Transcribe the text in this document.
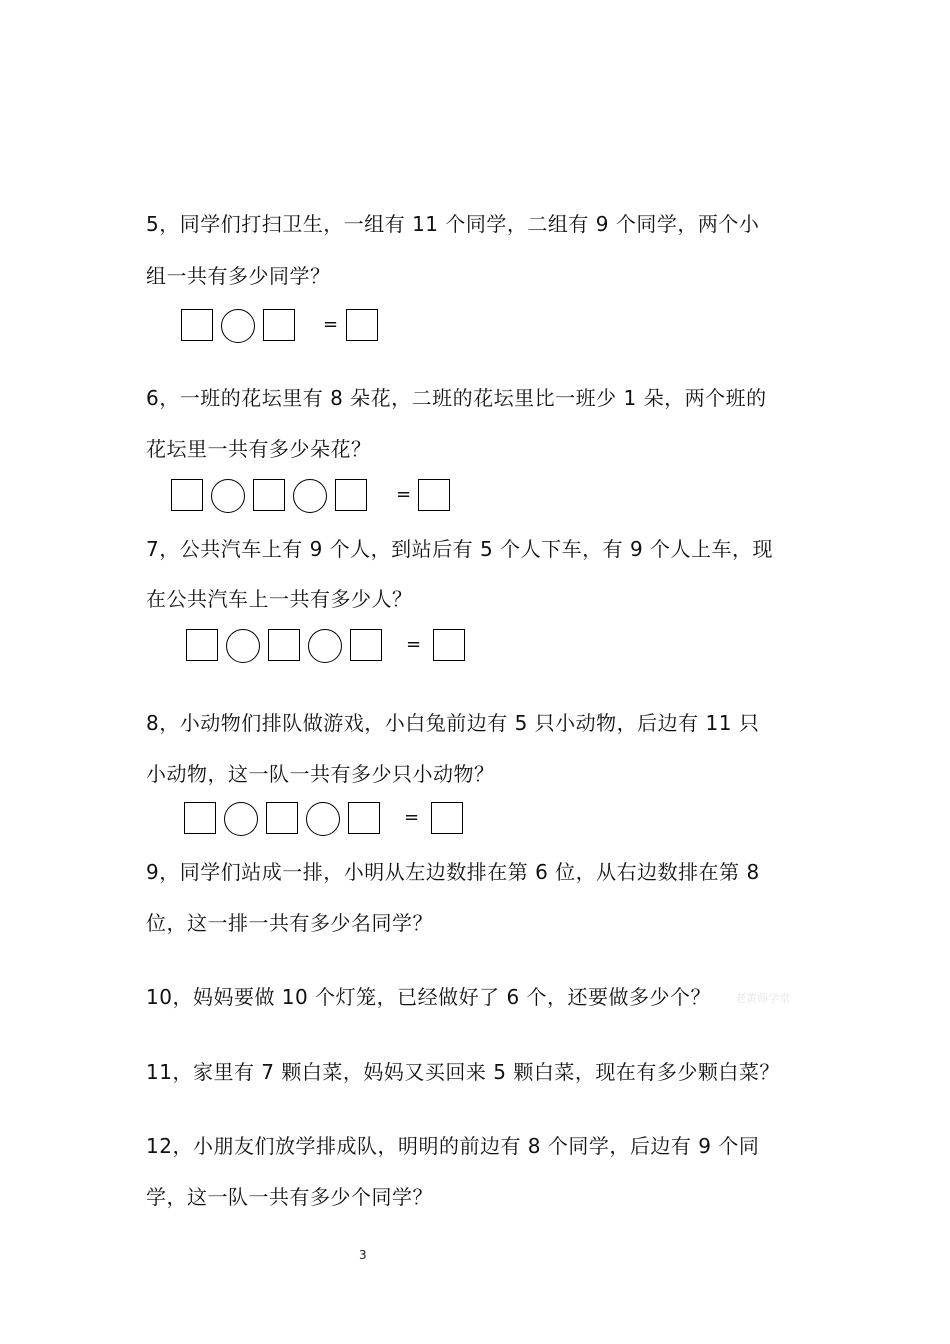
5，同学们打扫卫生，一组有 11 个同学，二组有 9 个同学，两个小
组一共有多少同学？
=
6，一班的花坛里有 8 朵花，二班的花坛里比一班少 1 朵，两个班的
花坛里一共有多少朵花？
=
7，公共汽车上有 9 个人，到站后有 5 个人下车，有 9 个人上车，现
在公共汽车上一共有多少人？
=
8，小动物们排队做游戏，小白兔前边有 5 只小动物，后边有 11 只
小动物，这一队一共有多少只小动物？
=
9，同学们站成一排，小明从左边数排在第 6 位，从右边数排在第 8
位，这一排一共有多少名同学？
10，妈妈要做 10 个灯笼，已经做好了 6 个，还要做多少个？ 老黄师学堂
11，家里有 7 颗白菜，妈妈又买回来 5 颗白菜，现在有多少颗白菜？
12，小朋友们放学排成队，明明的前边有 8 个同学，后边有 9 个同
学，这一队一共有多少个同学？
3
